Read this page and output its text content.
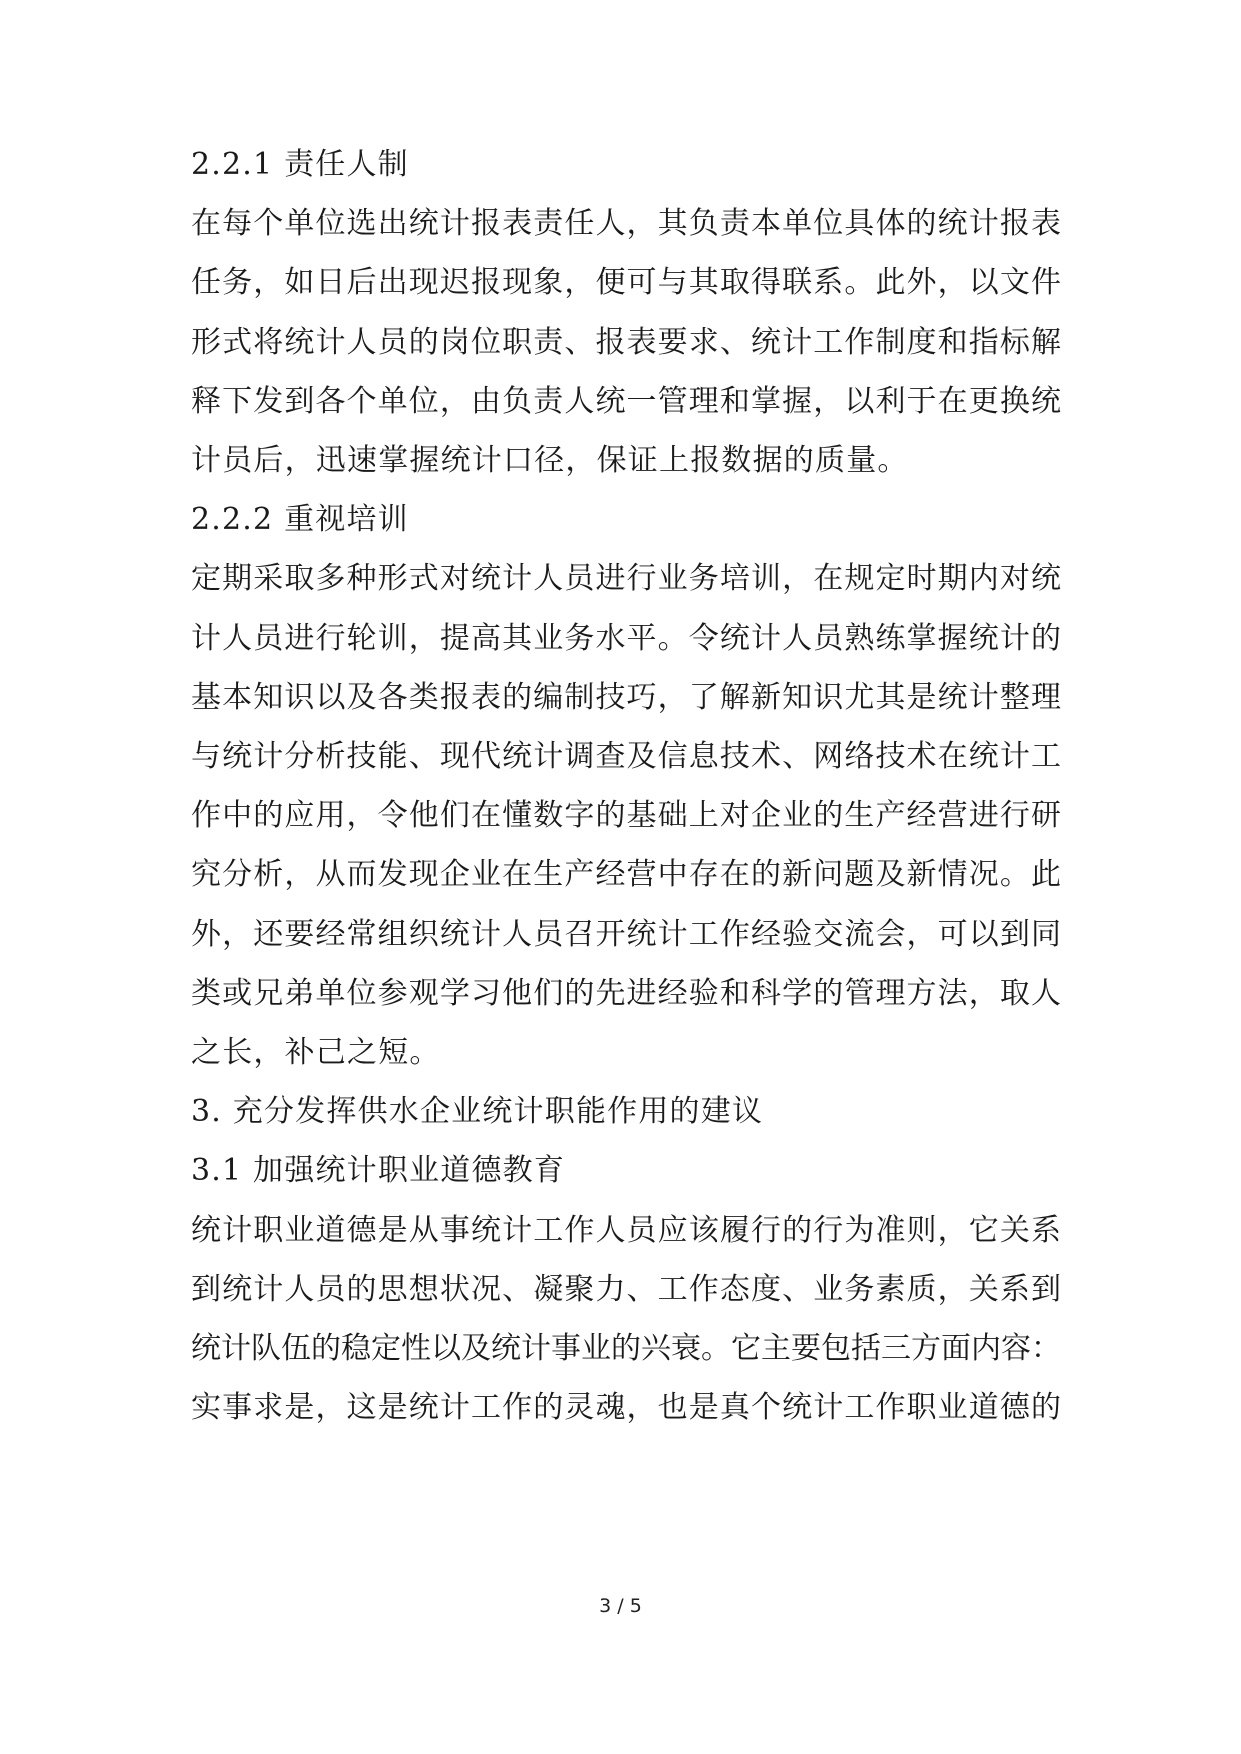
2.2.1 责任人制
在每个单位选出统计报表责任人，其负责本单位具体的统计报表
任务，如日后出现迟报现象，便可与其取得联系。此外，以文件
形式将统计人员的岗位职责、报表要求、统计工作制度和指标解
释下发到各个单位，由负责人统一管理和掌握，以利于在更换统
计员后，迅速掌握统计口径，保证上报数据的质量。
2.2.2 重视培训
定期采取多种形式对统计人员进行业务培训，在规定时期内对统
计人员进行轮训，提高其业务水平。令统计人员熟练掌握统计的
基本知识以及各类报表的编制技巧，了解新知识尤其是统计整理
与统计分析技能、现代统计调查及信息技术、网络技术在统计工
作中的应用，令他们在懂数字的基础上对企业的生产经营进行研
究分析，从而发现企业在生产经营中存在的新问题及新情况。此
外，还要经常组织统计人员召开统计工作经验交流会，可以到同
类或兄弟单位参观学习他们的先进经验和科学的管理方法，取人
之长，补己之短。
3. 充分发挥供水企业统计职能作用的建议
3.1 加强统计职业道德教育
统计职业道德是从事统计工作人员应该履行的行为准则，它关系
到统计人员的思想状况、凝聚力、工作态度、业务素质，关系到
统计队伍的稳定性以及统计事业的兴衰。它主要包括三方面内容：
实事求是，这是统计工作的灵魂，也是真个统计工作职业道德的
3 / 5
